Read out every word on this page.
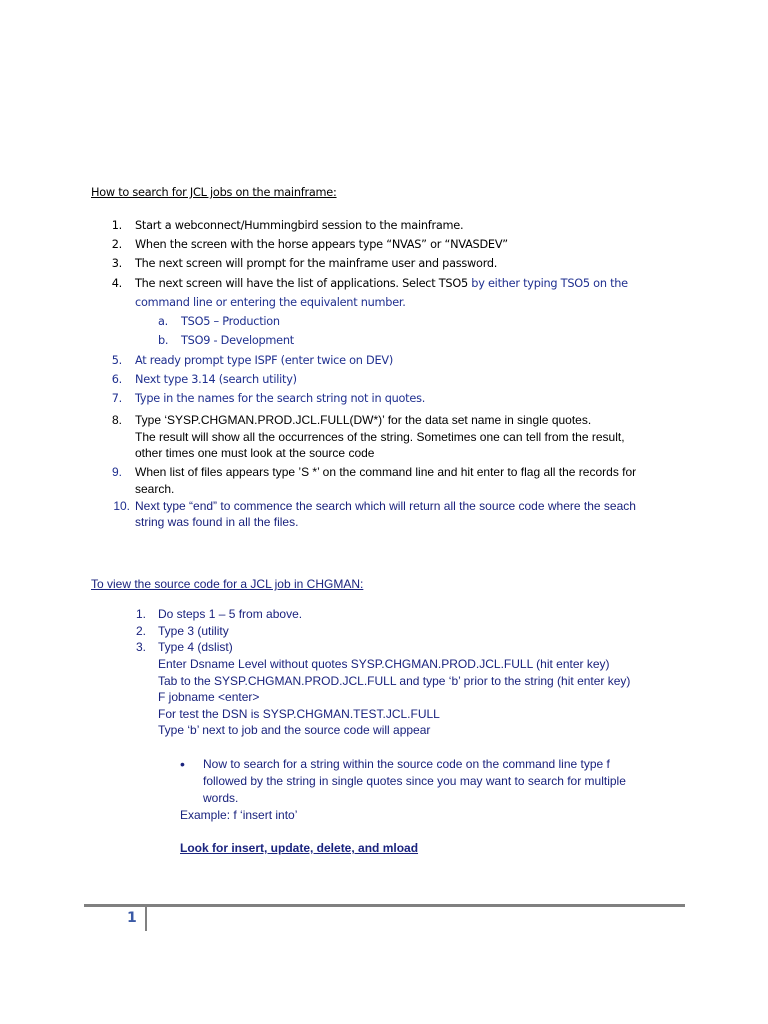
How to search for JCL jobs on the mainframe:
1. Start a webconnect/Hummingbird session to the mainframe.
2. When the screen with the horse appears type “NVAS” or “NVASDEV”
3. The next screen will prompt for the mainframe user and password.
4. The next screen will have the list of applications. Select TSO5 by either typing TSO5 on the
command line or entering the equivalent number.
a. TSO5 – Production
b. TSO9 - Development
5. At ready prompt type ISPF (enter twice on DEV)
6. Next type 3.14 (search utility)
7. Type in the names for the search string not in quotes.
8. Type ‘SYSP.CHGMAN.PROD.JCL.FULL(DW*)’ for the data set name in single quotes.
The result will show all the occurrences of the string. Sometimes one can tell from the result,
other times one must look at the source code
9. When list of files appears type ’S *’ on the command line and hit enter to flag all the records for
search.
10. Next type “end” to commence the search which will return all the source code where the seach
string was found in all the files.
To view the source code for a JCL job in CHGMAN:
1. Do steps 1 – 5 from above.
2. Type 3 (utility
3. Type 4 (dslist)
Enter Dsname Level without quotes SYSP.CHGMAN.PROD.JCL.FULL (hit enter key)
Tab to the SYSP.CHGMAN.PROD.JCL.FULL and type ‘b’ prior to the string (hit enter key)
F jobname <enter>
For test the DSN is SYSP.CHGMAN.TEST.JCL.FULL
Type ‘b’ next to job and the source code will appear
• Now to search for a string within the source code on the command line type f
followed by the string in single quotes since you may want to search for multiple
words.
Example: f ‘insert into’
Look for insert, update, delete, and mload
1
